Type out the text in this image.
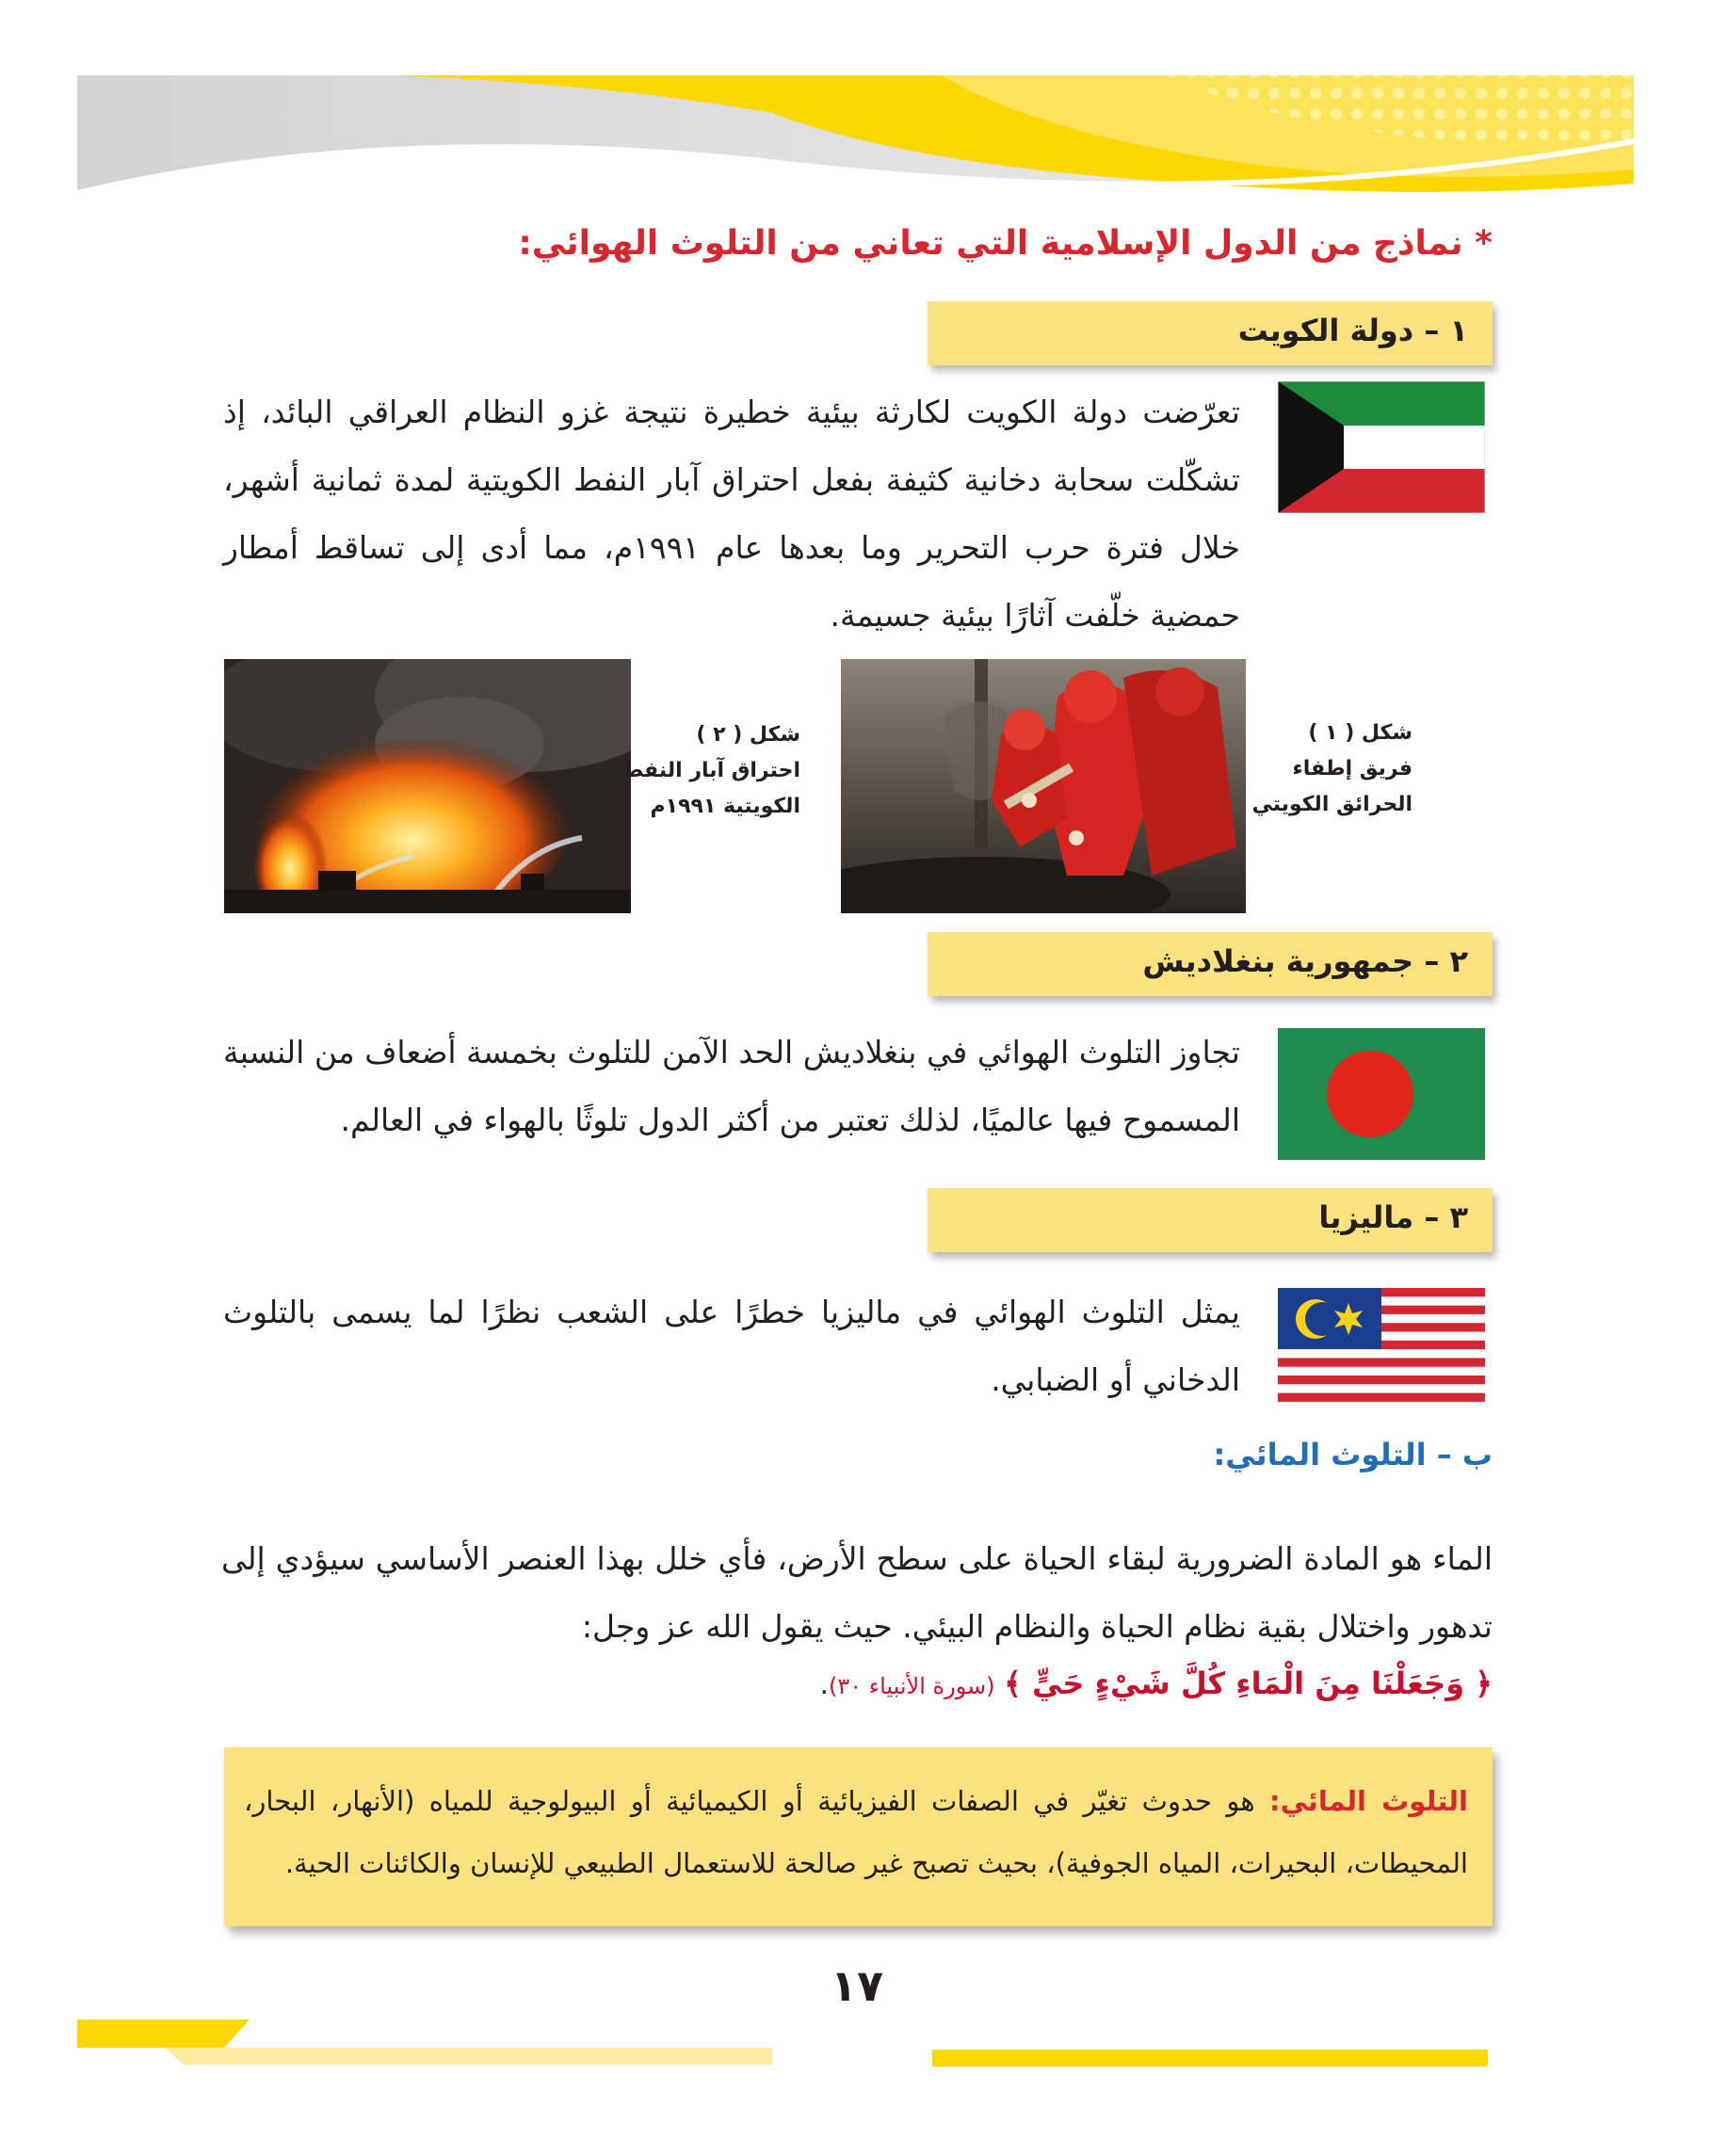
* نماذج من الدول الإسلامية التي تعاني من التلوث الهوائي:
١ – دولة الكويت
تعرّضت دولة الكويت لكارثة بيئية خطيرة نتيجة غزو النظام العراقي البائد، إذ تشكّلت سحابة دخانية كثيفة بفعل احتراق آبار النفط الكويتية لمدة ثمانية أشهر، خلال فترة حرب التحرير وما بعدها عام ١٩٩١م، مما أدى إلى تساقط أمطار حمضية خلّفت آثارًا بيئية جسيمة.
شكل ( ١ )
فريق إطفاء
الحرائق الكويتي
شكل ( ٢ )
احتراق آبار النفط
الكويتية ١٩٩١م
٢ – جمهورية بنغلاديش
تجاوز التلوث الهوائي في بنغلاديش الحد الآمن للتلوث بخمسة أضعاف من النسبة المسموح فيها عالميًا، لذلك تعتبر من أكثر الدول تلوثًا بالهواء في العالم.
٣ – ماليزيا
يمثل التلوث الهوائي في ماليزيا خطرًا على الشعب نظرًا لما يسمى بالتلوث الدخاني أو الضبابي.
ب – التلوث المائي:
الماء هو المادة الضرورية لبقاء الحياة على سطح الأرض، فأي خلل بهذا العنصر الأساسي سيؤدي إلى تدهور واختلال بقية نظام الحياة والنظام البيئي. حيث يقول الله عز وجل:
﴿ وَجَعَلْنَا مِنَ الْمَاءِ كُلَّ شَيْءٍ حَيٍّ ﴾ (سورة الأنبياء ٣٠).
التلوث المائي: هو حدوث تغيّر في الصفات الفيزيائية أو الكيميائية أو البيولوجية للمياه (الأنهار، البحار، المحيطات، البحيرات، المياه الجوفية)، بحيث تصبح غير صالحة للاستعمال الطبيعي للإنسان والكائنات الحية.
١٧
